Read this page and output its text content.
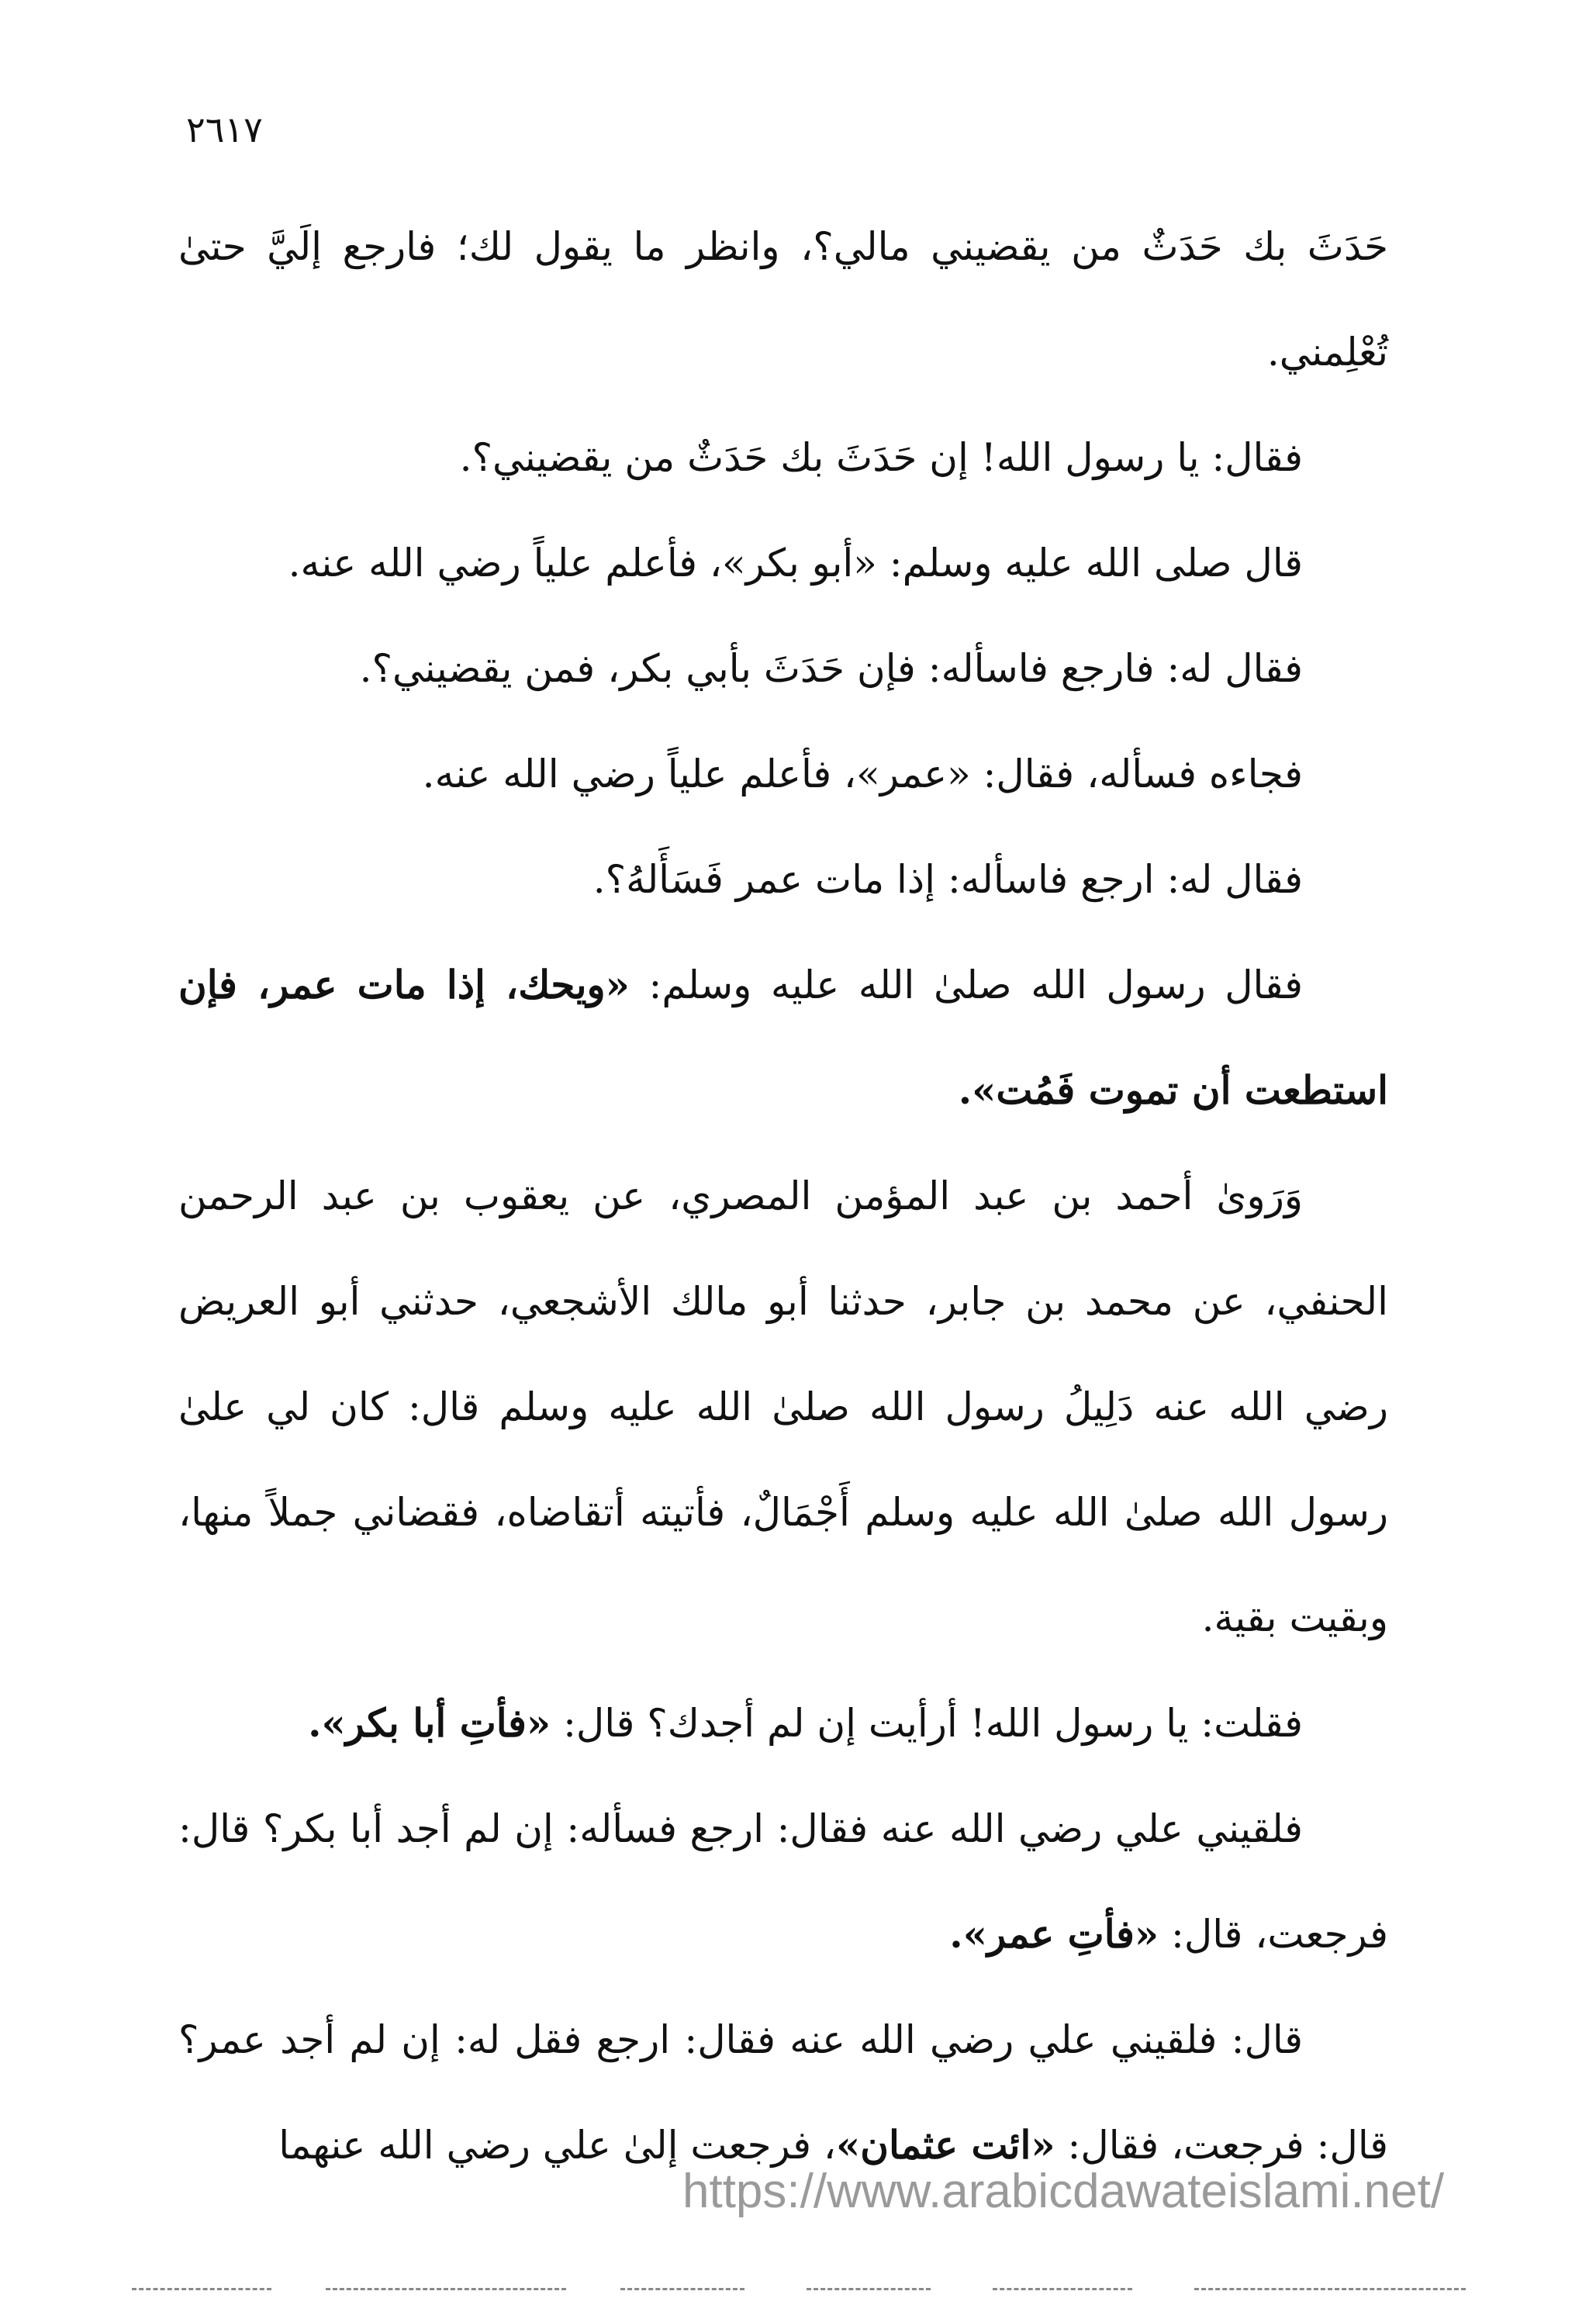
٢٦١٧

حَدَثَ بك حَدَثٌ من يقضيني مالي؟، وانظر ما يقول لك؛ فارجع إلَيَّ حتىٰ تُعْلِمني.

فقال: يا رسول الله! إن حَدَثَ بك حَدَثٌ من يقضيني؟.

قال صلى الله عليه وسلم: «أبو بكر»، فأعلم علياً رضي الله عنه.

فقال له: فارجع فاسأله: فإن حَدَثَ بأبي بكر، فمن يقضيني؟.

فجاءه فسأله، فقال: «عمر»، فأعلم علياً رضي الله عنه.

فقال له: ارجع فاسأله: إذا مات عمر فَسَأَلهُ؟.

فقال رسول الله صلىٰ الله عليه وسلم: «ويحك، إذا مات عمر، فإن استطعت أن تموت فَمُت».

وَرَوىٰ أحمد بن عبد المؤمن المصري، عن يعقوب بن عبد الرحمن الحنفي، عن محمد بن جابر، حدثنا أبو مالك الأشجعي، حدثني أبو العريض رضي الله عنه دَلِيلُ رسول الله صلىٰ الله عليه وسلم قال: كان لي علىٰ رسول الله صلىٰ الله عليه وسلم أَجْمَالٌ، فأتيته أتقاضاه، فقضاني جملاً منها، وبقيت بقية.

فقلت: يا رسول الله! أرأيت إن لم أجدك؟ قال: «فأتِ أبا بكر».

فلقيني علي رضي الله عنه فقال: ارجع فسأله: إن لم أجد أبا بكر؟ قال: فرجعت، قال: «فأتِ عمر».

قال: فلقيني علي رضي الله عنه فقال: ارجع فقل له: إن لم أجد عمر؟ قال: فرجعت، فقال: «ائت عثمان»، فرجعت إلىٰ علي رضي الله عنهما

https://www.arabicdawateislami.net/
